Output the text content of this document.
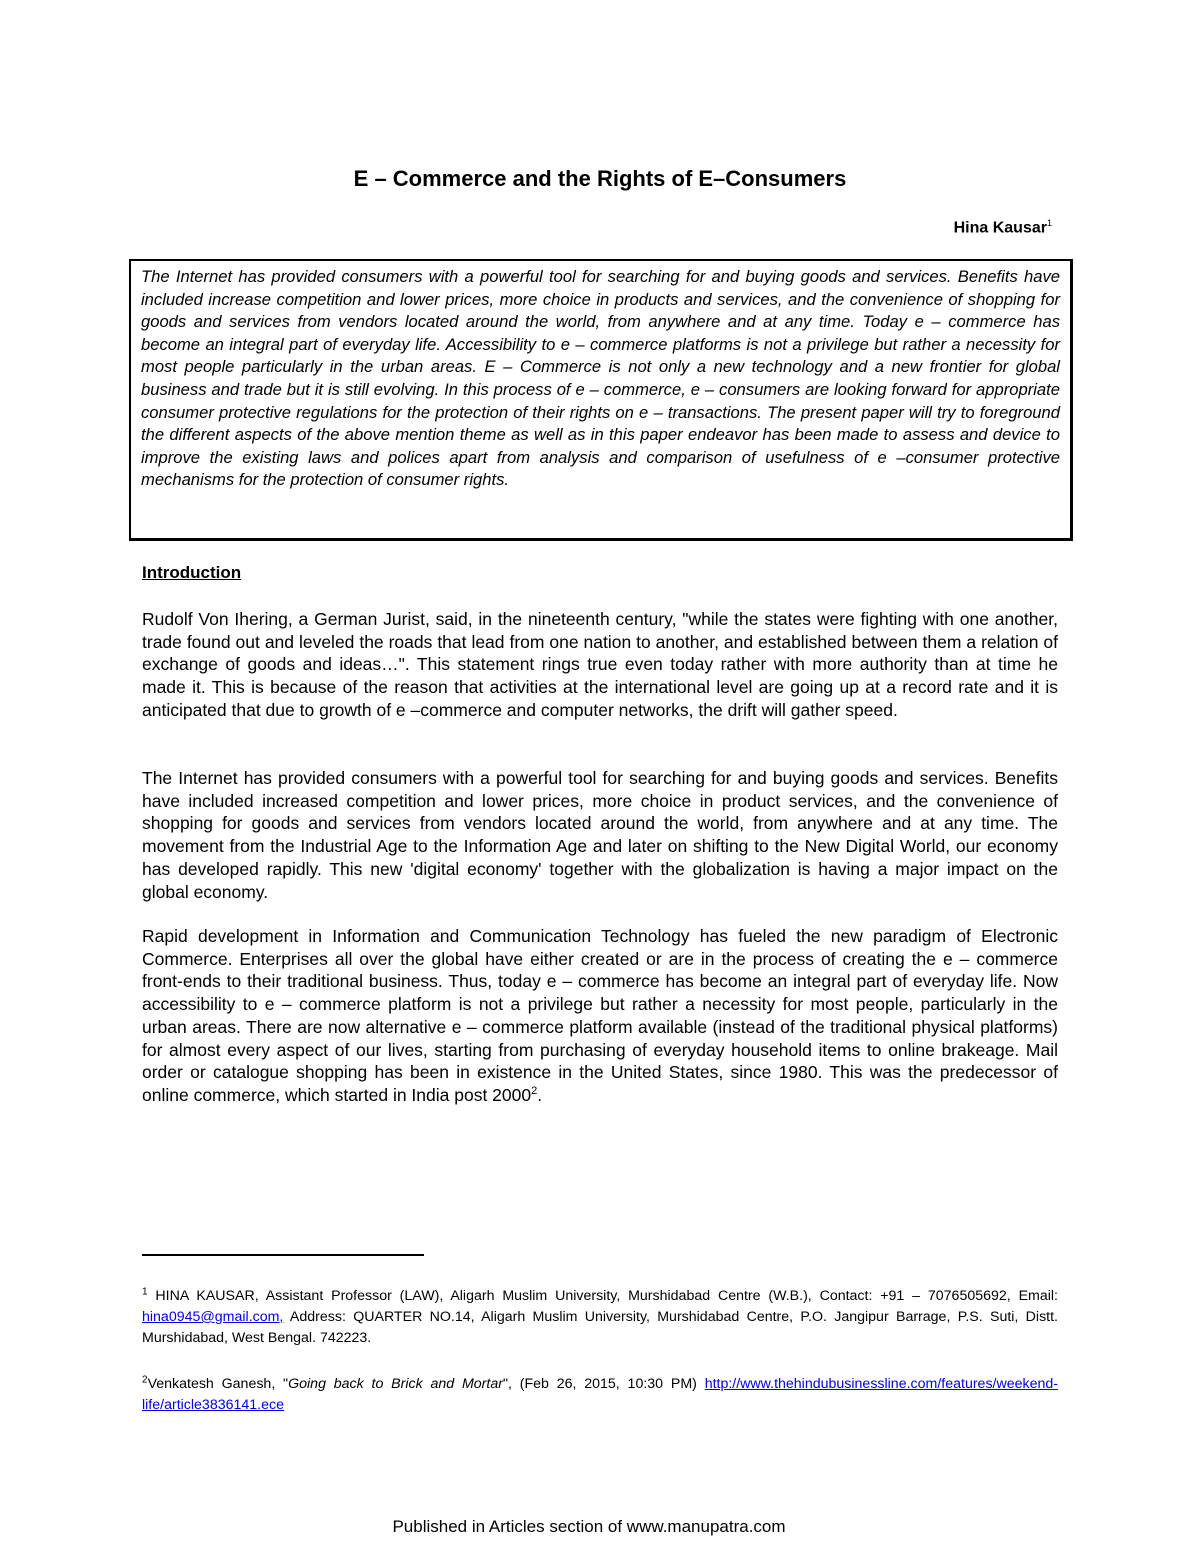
E – Commerce and the Rights of E–Consumers
Hina Kausar$^1$
The Internet has provided consumers with a powerful tool for searching for and buying goods and services. Benefits have included increase competition and lower prices, more choice in products and services, and the convenience of shopping for goods and services from vendors located around the world, from anywhere and at any time. Today e – commerce has become an integral part of everyday life. Accessibility to e – commerce platforms is not a privilege but rather a necessity for most people particularly in the urban areas. E – Commerce is not only a new technology and a new frontier for global business and trade but it is still evolving. In this process of e – commerce, e – consumers are looking forward for appropriate consumer protective regulations for the protection of their rights on e – transactions. The present paper will try to foreground the different aspects of the above mention theme as well as in this paper endeavor has been made to assess and device to improve the existing laws and polices apart from analysis and comparison of usefulness of e –consumer protective mechanisms for the protection of consumer rights.
Introduction

Rudolf Von Ihering, a German Jurist, said, in the nineteenth century, "while the states were fighting with one another, trade found out and leveled the roads that lead from one nation to another, and established between them a relation of exchange of goods and ideas…". This statement rings true even today rather with more authority than at time he made it. This is because of the reason that activities at the international level are going up at a record rate and it is anticipated that due to growth of e –commerce and computer networks, the drift will gather speed.

The Internet has provided consumers with a powerful tool for searching for and buying goods and services. Benefits have included increased competition and lower prices, more choice in product services, and the convenience of shopping for goods and services from vendors located around the world, from anywhere and at any time. The movement from the Industrial Age to the Information Age and later on shifting to the New Digital World, our economy has developed rapidly. This new 'digital economy' together with the globalization is having a major impact on the global economy.

Rapid development in Information and Communication Technology has fueled the new paradigm of Electronic Commerce. Enterprises all over the global have either created or are in the process of creating the e – commerce front-ends to their traditional business. Thus, today e – commerce has become an integral part of everyday life. Now accessibility to e – commerce platform is not a privilege but rather a necessity for most people, particularly in the urban areas. There are now alternative e – commerce platform available (instead of the traditional physical platforms) for almost every aspect of our lives, starting from purchasing of everyday household items to online brakeage. Mail order or catalogue shopping has been in existence in the United States, since 1980. This was the predecessor of online commerce, which started in India post 2000$^2$.

$^1$ HINA KAUSAR, Assistant Professor (LAW), Aligarh Muslim University, Murshidabad Centre (W.B.), Contact: +91 – 7076505692, Email: hina0945@gmail.com, Address: QUARTER NO.14, Aligarh Muslim University, Murshidabad Centre, P.O. Jangipur Barrage, P.S. Suti, Distt. Murshidabad, West Bengal. 742223.

$^2$Venkatesh Ganesh, "Going back to Brick and Mortar", (Feb 26, 2015, 10:30 PM) http://www.thehindubusinessline.com/features/weekend-life/article3836141.ece

Published in Articles section of www.manupatra.com
